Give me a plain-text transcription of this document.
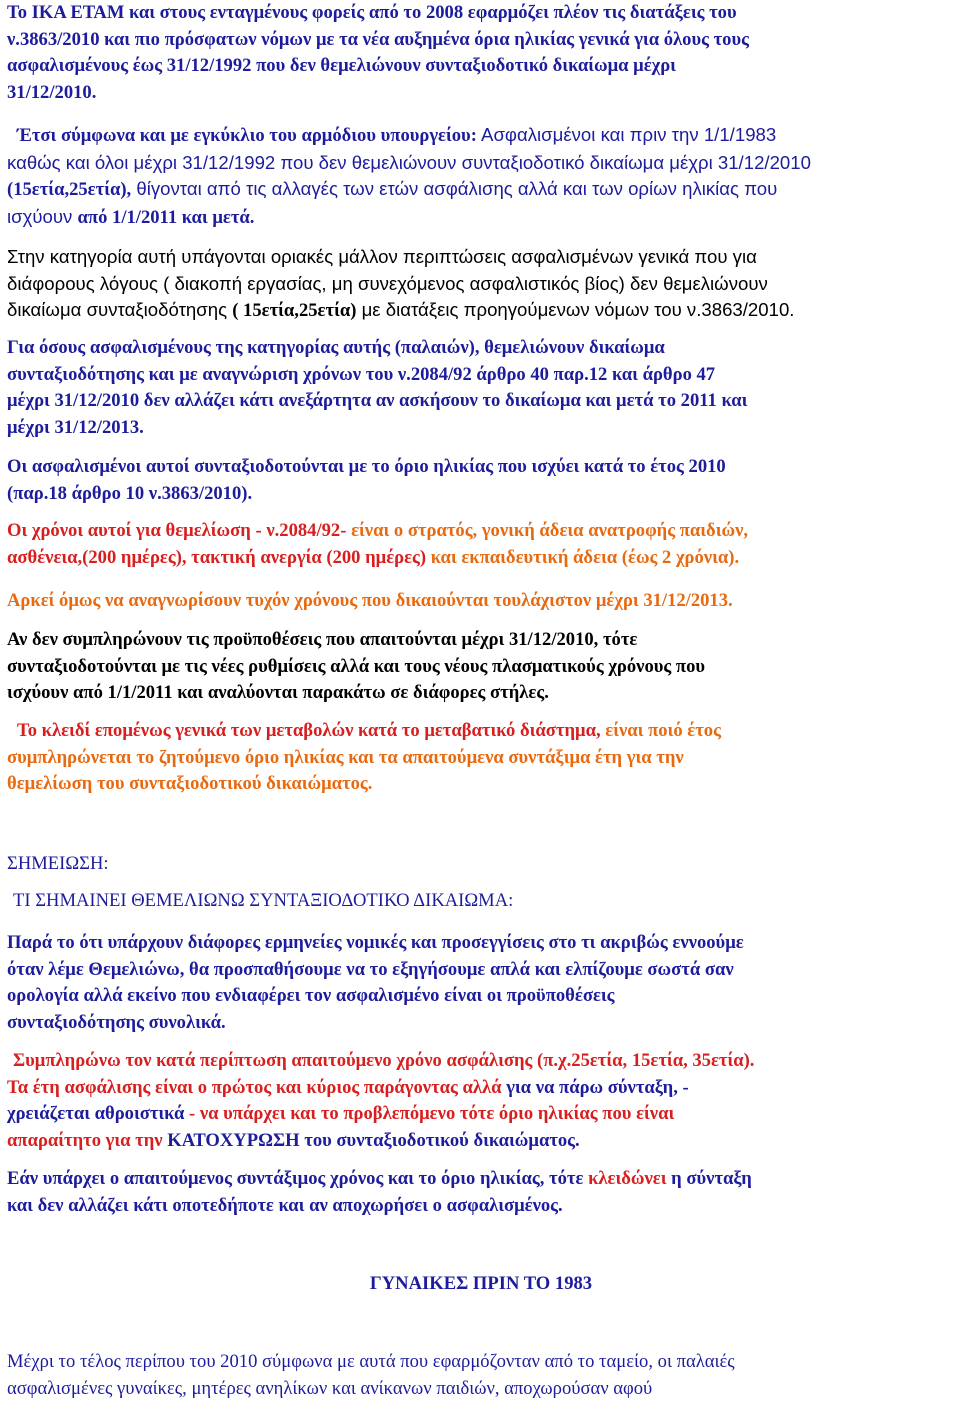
Το ΙΚΑ ΕΤΑΜ και στους ενταγμένους φορείς από το 2008 εφαρμόζει πλέον τις διατάξεις του

ν.3863/2010 και πιο πρόσφατων νόμων με τα νέα αυξημένα όρια ηλικίας γενικά για όλους τους

ασφαλισμένους έως 31/12/1992 που δεν θεμελιώνουν συνταξιοδοτικό δικαίωμα μέχρι

31/12/2010.

Έτσι σύμφωνα και με εγκύκλιο του αρμόδιου υπουργείου: Ασφαλισμένοι και πριν την 1/1/1983

καθώς και όλοι μέχρι 31/12/1992 που δεν θεμελιώνουν συνταξιοδοτικό δικαίωμα μέχρι 31/12/2010

(15ετία,25ετία), θίγονται από τις αλλαγές των ετών ασφάλισης αλλά και των ορίων ηλικίας που

ισχύουν από 1/1/2011 και μετά.

Στην κατηγορία αυτή υπάγονται οριακές μάλλον περιπτώσεις ασφαλισμένων γενικά που για

διάφορους λόγους ( διακοπή εργασίας, μη συνεχόμενος ασφαλιστικός βίος) δεν θεμελιώνουν

δικαίωμα συνταξιοδότησης ( 15ετία,25ετία) με διατάξεις προηγούμενων νόμων του ν.3863/2010.

Για όσους ασφαλισμένους της κατηγορίας αυτής (παλαιών), θεμελιώνουν δικαίωμα

συνταξιοδότησης και με αναγνώριση χρόνων του ν.2084/92 άρθρο 40 παρ.12 και άρθρο 47

μέχρι 31/12/2010 δεν αλλάζει κάτι ανεξάρτητα αν ασκήσουν το δικαίωμα και μετά το 2011 και

μέχρι 31/12/2013.

Οι ασφαλισμένοι αυτοί συνταξιοδοτούνται με το όριο ηλικίας που ισχύει κατά το έτος 2010

(παρ.18 άρθρο 10 ν.3863/2010).

Οι χρόνοι αυτοί για θεμελίωση - ν.2084/92- είναι ο στρατός, γονική άδεια ανατροφής παιδιών,

ασθένεια,(200 ημέρες), τακτική ανεργία (200 ημέρες) και εκπαιδευτική άδεια (έως 2 χρόνια).

Αρκεί όμως να αναγνωρίσουν τυχόν χρόνους που δικαιούνται τουλάχιστον μέχρι 31/12/2013.

Αν δεν συμπληρώνουν τις προϋποθέσεις που απαιτούνται μέχρι 31/12/2010, τότε

συνταξιοδοτούνται με τις νέες ρυθμίσεις αλλά και τους νέους πλασματικούς χρόνους που

ισχύουν από 1/1/2011 και αναλύονται παρακάτω σε διάφορες στήλες.

Το κλειδί επομένως γενικά των μεταβολών κατά το μεταβατικό διάστημα, είναι ποιό έτος

συμπληρώνεται το ζητούμενο όριο ηλικίας και τα απαιτούμενα συντάξιμα έτη για την

θεμελίωση του συνταξιοδοτικού δικαιώματος.

ΣΗΜΕΙΩΣΗ:

ΤΙ ΣΗΜΑΙΝΕΙ ΘΕΜΕΛΙΩΝΩ ΣΥΝΤΑΞΙΟΔΟΤΙΚΟ ΔΙΚΑΙΩΜΑ:

Παρά το ότι υπάρχουν διάφορες ερμηνείες νομικές και προσεγγίσεις στο τι ακριβώς εννοούμε

όταν λέμε Θεμελιώνω, θα προσπαθήσουμε να το εξηγήσουμε απλά και ελπίζουμε σωστά σαν

ορολογία αλλά εκείνο που ενδιαφέρει τον ασφαλισμένο είναι οι προϋποθέσεις

συνταξιοδότησης συνολικά.

Συμπληρώνω τον κατά περίπτωση απαιτούμενο χρόνο ασφάλισης (π.χ.25ετία, 15ετία, 35ετία).

Τα έτη ασφάλισης είναι ο πρώτος και κύριος παράγοντας αλλά για να πάρω σύνταξη, -

χρειάζεται αθροιστικά - να υπάρχει και το προβλεπόμενο τότε όριο ηλικίας που είναι

απαραίτητο για την ΚΑΤΟΧΥΡΩΣΗ του συνταξιοδοτικού δικαιώματος.

Εάν υπάρχει ο απαιτούμενος συντάξιμος χρόνος και το όριο ηλικίας, τότε κλειδώνει η σύνταξη

και δεν αλλάζει κάτι οποτεδήποτε και αν αποχωρήσει ο ασφαλισμένος.

ΓΥΝΑΙΚΕΣ ΠΡΙΝ ΤΟ 1983

Μέχρι το τέλος περίπου του 2010 σύμφωνα με αυτά που εφαρμόζονταν από το ταμείο, οι παλαιές

ασφαλισμένες γυναίκες, μητέρες ανηλίκων και ανίκανων παιδιών, αποχωρούσαν αφού
